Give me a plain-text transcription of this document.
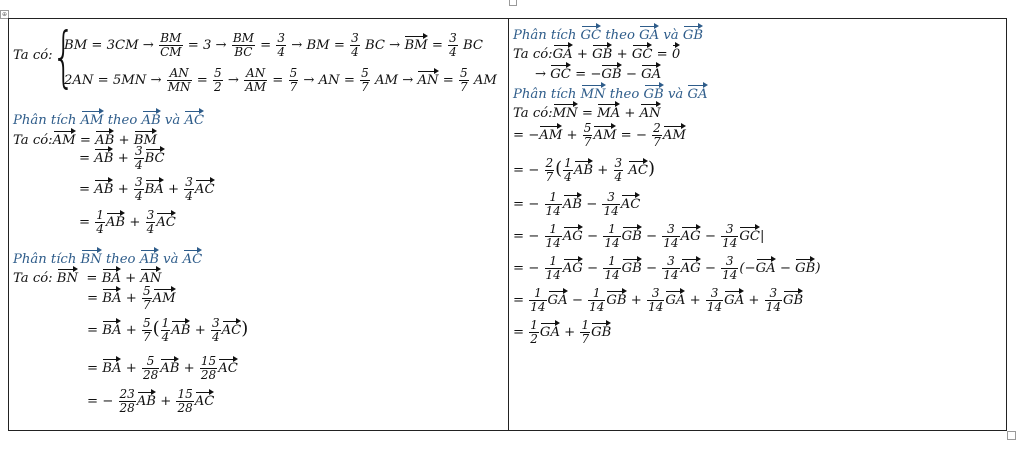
⊕
Ta có: {
BM = $3CM \to \frac{BM}{CM} = 3 \to \frac{BM}{BC} = \frac{3}{4}$ → BM = $\frac{3}{4}$ BC → BM = $\frac{3}{4}$ BC
$2AN = 5MN \to \frac{AN}{MN} = \frac{5}{2} \to \frac{AN}{AM} = \frac{5}{7}$ → AN = $\frac{5}{7}$ AM → AN = $\frac{5}{7}$ AM
Phân tích AM theo AB và AC
Ta có:AM = AB + BM
= AB + $\frac{3}{4}$ BC
= AB + $\frac{3}{4}$ BA + $\frac{3}{4}$ AC
= $\frac{1}{4}$ AB + $\frac{3}{4}$ AC
Phân tích BN theo AB và AC
Ta có: BN = BA + AN
= BA + $\frac{5}{7}$ AM
= BA + $\frac{5}{7}$ ( $\frac{1}{4}$ AB + $\frac{3}{4} AC$)
= BA + $\frac{5}{28}$ AB + $\frac{15}{28}$ AC
= − $\frac{23}{28}$ AB + $\frac{15}{28}$ AC
Phân tích GC theo GA và GB
Ta có:GA + GB + GC = 0
→ GC = −GB − GA
Phân tích MN theo GB và GA
Ta có:MN = MA + AN
= $-AM + \frac{5}{7}$ AM = − $\frac{2}{7}$ AM
= − $\frac{2}{7}$ ( $\frac{1}{4}$ AB + $\frac{3}{4} AC$)
= − $\frac{1}{14}$ AB − $\frac{3}{14}$ AC
= − $\frac{1}{14}$ AG − $\frac{1}{14}$ GB − $\frac{3}{14}$ AG − $\frac{3}{14} GC|$
= − $\frac{1}{14}$ AG − $\frac{1}{14}$ GB − $\frac{3}{14}$ AG − $\frac{3}{14} (-GA - GB)$
= $\frac{1}{14}$ GA − $\frac{1}{14}$ GB + $\frac{3}{14}$ GA + $\frac{3}{14}$ GA + $\frac{3}{14}$ GB
= $\frac{1}{2}$ GA + $\frac{1}{7}$ GB
